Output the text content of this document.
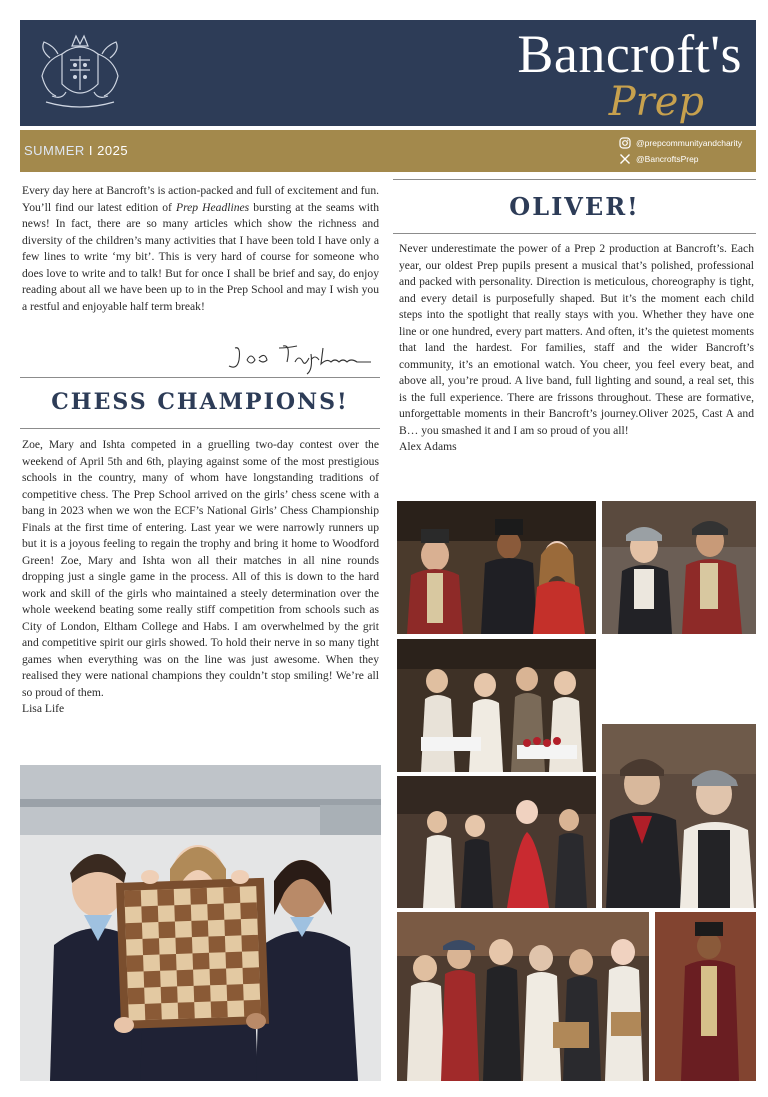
Bancroft's
Prep
SUMMER I 2025	@prepcommunityandcharity
@BancroftsPrep
Every day here at Bancroft’s is action-packed and full of excitement and fun. You’ll find our latest edition of Prep Headlines bursting at the seams with news! In fact, there are so many articles which show the richness and diversity of the children’s many activities that I have been told I have only a few lines to write ‘my bit’. This is very hard of course for someone who does love to write and to talk! But for once I shall be brief and say, do enjoy reading about all we have been up to in the Prep School and may I wish you a restful and enjoyable half term break!
Joe Taylor
CHESS CHAMPIONS!
Zoe, Mary and Ishta competed in a gruelling two-day contest over the weekend of April 5th and 6th, playing against some of the most prestigious schools in the country, many of whom have longstanding traditions of competitive chess. The Prep School arrived on the girls’ chess scene with a bang in 2023 when we won the ECF’s National Girls’ Chess Championship Finals at the first time of entering. Last year we were narrowly runners up but it is a joyous feeling to regain the trophy and bring it home to Woodford Green! Zoe, Mary and Ishta won all their matches in all nine rounds dropping just a single game in the process. All of this is down to the hard work and skill of the girls who maintained a steely determination over the whole weekend beating some really stiff competition from schools such as City of London, Eltham College and Habs. I am overwhelmed by the grit and competitive spirit our girls showed. To hold their nerve in so many tight games when everything was on the line was just awesome. When they realised they were national champions they couldn’t stop smiling! We’re all so proud of them.
Lisa Life
OLIVER!
Never underestimate the power of a Prep 2 production at Bancroft’s. Each year, our oldest Prep pupils present a musical that’s polished, professional and packed with personality. Direction is meticulous, choreography is tight, and every detail is purposefully shaped. But it’s the moment each child steps into the spotlight that really stays with you. Whether they have one line or one hundred, every part matters. And often, it’s the quietest moments that land the hardest. For families, staff and the wider Bancroft’s community, it’s an emotional watch. You cheer, you feel every beat, and above all, you’re proud. A live band, full lighting and sound, a real set, this is the full experience. There are frissons throughout. These are formative, unforgettable moments in their Bancroft’s journey.Oliver 2025, Cast A and B… you smashed it and I am so proud of you all!
Alex Adams
